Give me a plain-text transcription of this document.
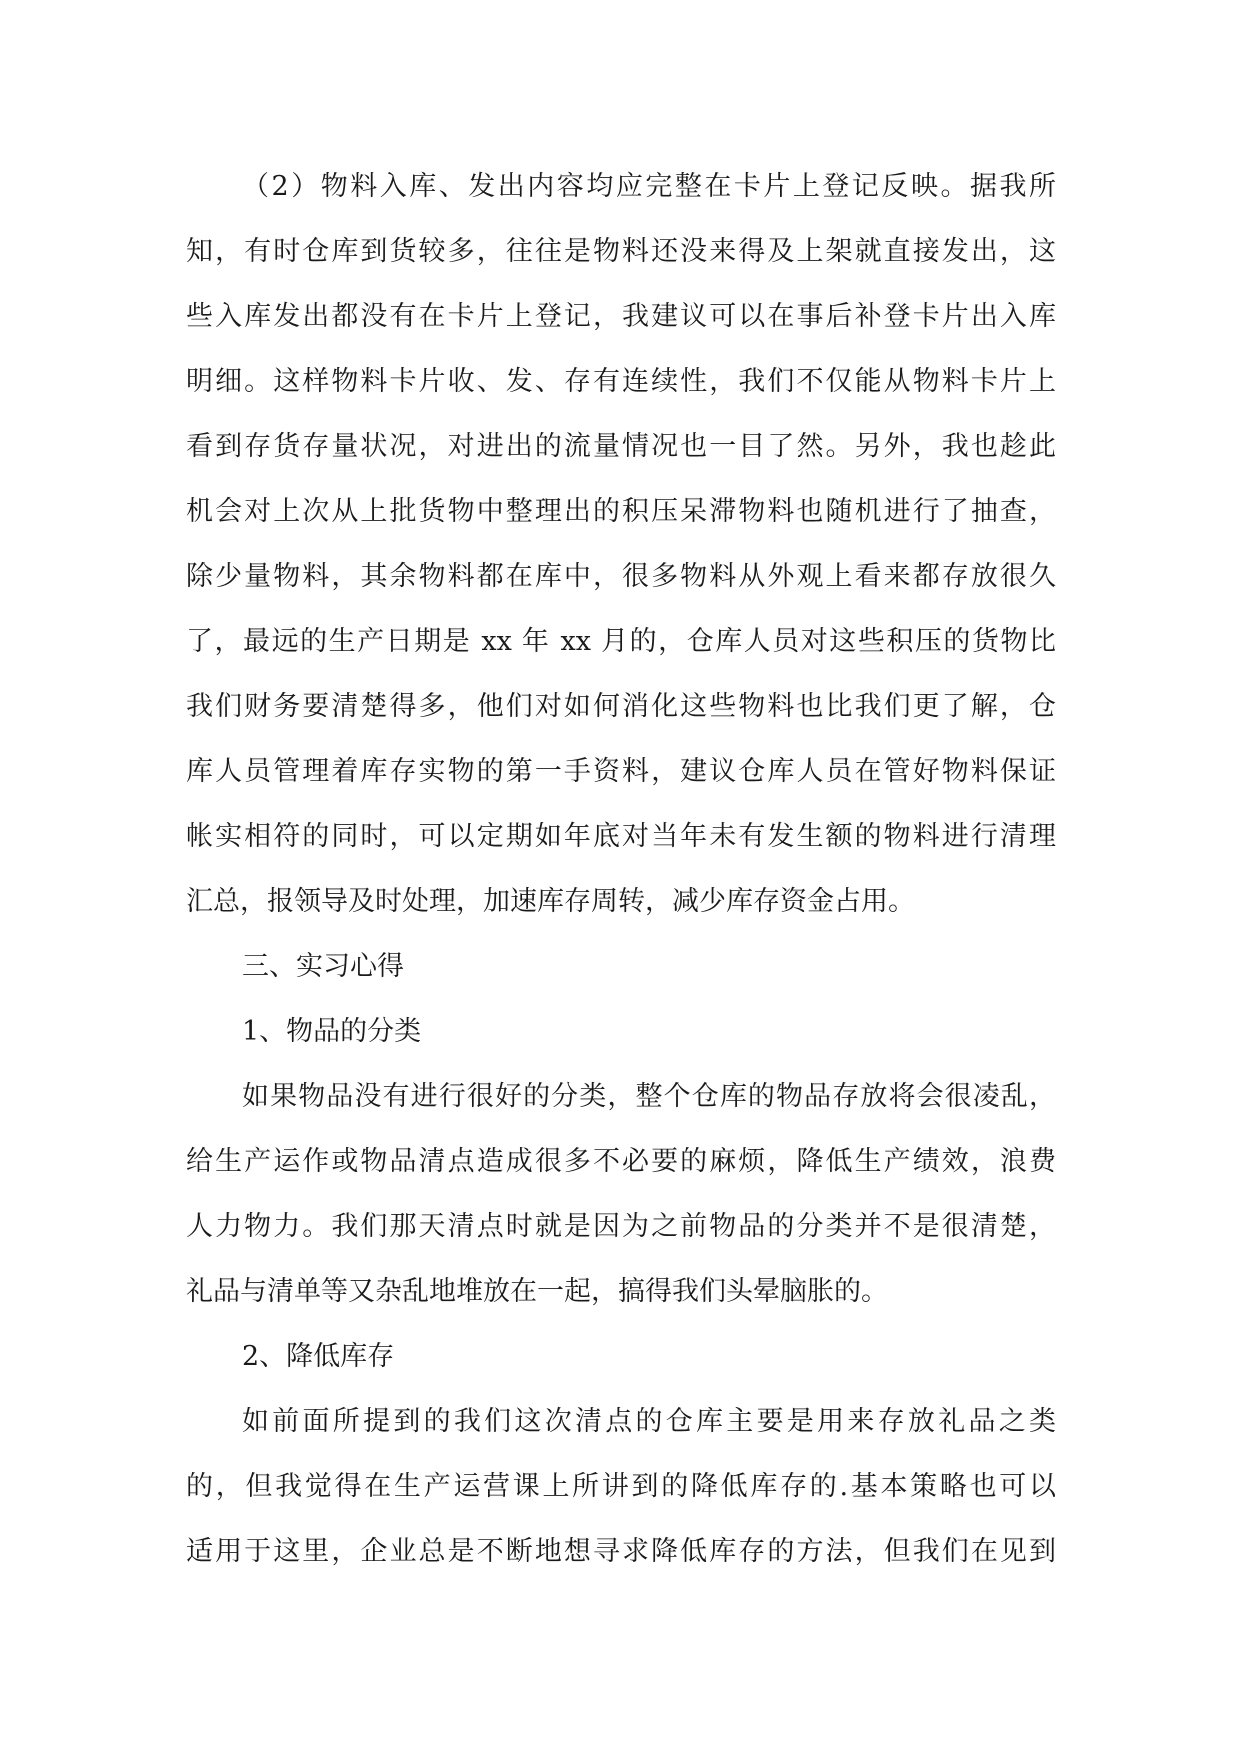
（2）物料入库、发出内容均应完整在卡片上登记反映。据我所
知，有时仓库到货较多，往往是物料还没来得及上架就直接发出，这
些入库发出都没有在卡片上登记，我建议可以在事后补登卡片出入库
明细。这样物料卡片收、发、存有连续性，我们不仅能从物料卡片上
看到存货存量状况，对进出的流量情况也一目了然。另外，我也趁此
机会对上次从上批货物中整理出的积压呆滞物料也随机进行了抽查，
除少量物料，其余物料都在库中，很多物料从外观上看来都存放很久
了，最远的生产日期是 xx 年 xx 月的，仓库人员对这些积压的货物比
我们财务要清楚得多，他们对如何消化这些物料也比我们更了解，仓
库人员管理着库存实物的第一手资料，建议仓库人员在管好物料保证
帐实相符的同时，可以定期如年底对当年未有发生额的物料进行清理
汇总，报领导及时处理，加速库存周转，减少库存资金占用。
三、实习心得
1、物品的分类
如果物品没有进行很好的分类，整个仓库的物品存放将会很凌乱，
给生产运作或物品清点造成很多不必要的麻烦，降低生产绩效，浪费
人力物力。我们那天清点时就是因为之前物品的分类并不是很清楚，
礼品与清单等又杂乱地堆放在一起，搞得我们头晕脑胀的。
2、降低库存
如前面所提到的我们这次清点的仓库主要是用来存放礼品之类
的，但我觉得在生产运营课上所讲到的降低库存的.基本策略也可以
适用于这里，企业总是不断地想寻求降低库存的方法，但我们在见到
